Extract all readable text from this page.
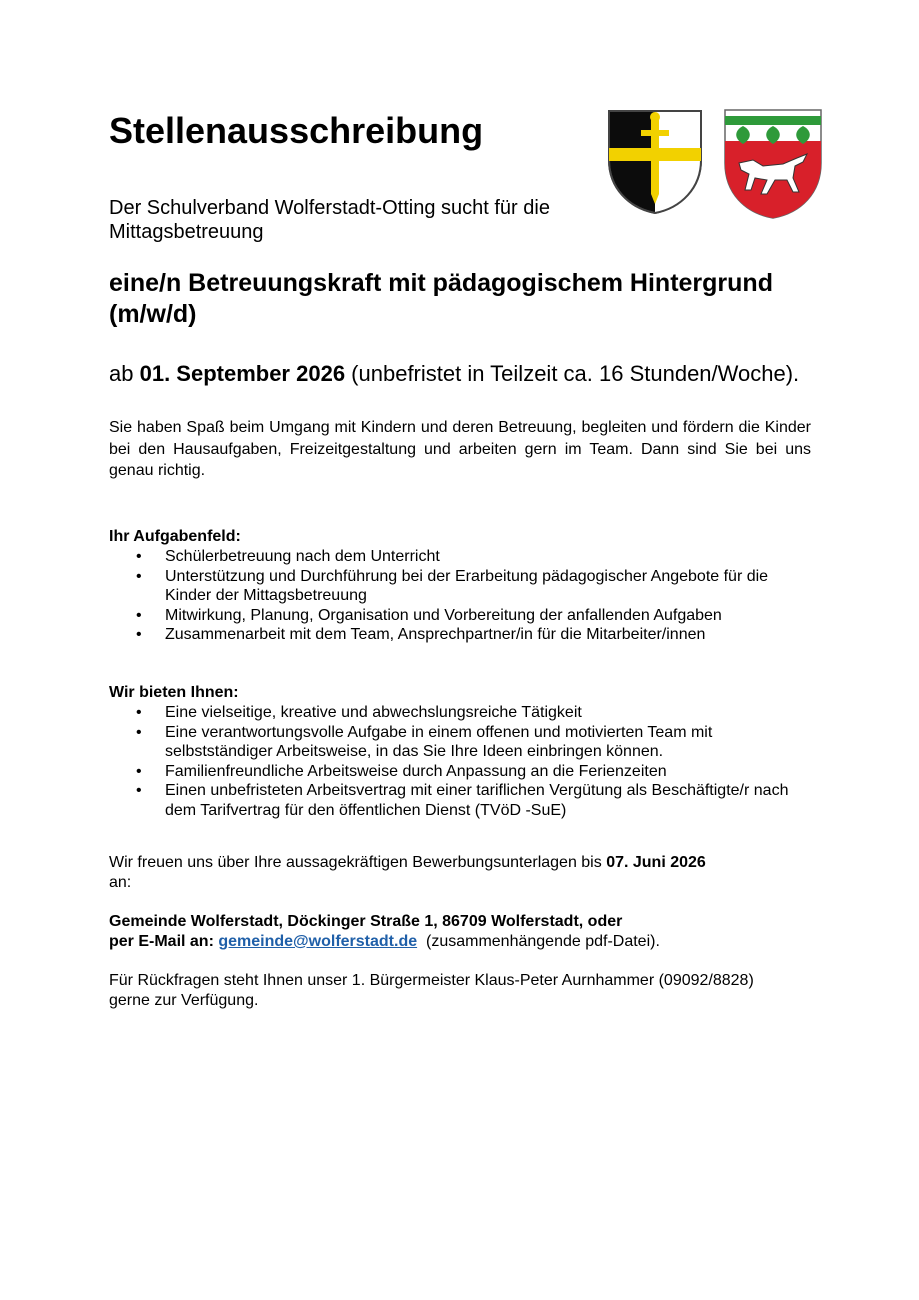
Stellenausschreibung

Der Schulverband Wolferstadt-Otting sucht für die
Mittagsbetreuung

eine/n Betreuungskraft mit pädagogischem Hintergrund
(m/w/d)

ab 01. September 2026 (unbefristet in Teilzeit ca. 16 Stunden/Woche).

Sie haben Spaß beim Umgang mit Kindern und deren Betreuung, begleiten und fördern die Kinder bei den Hausaufgaben, Freizeitgestaltung und arbeiten gern im Team. Dann sind Sie bei uns genau richtig.

Ihr Aufgabenfeld:

• Schülerbetreuung nach dem Unterricht
• Unterstützung und Durchführung bei der Erarbeitung pädagogischer Angebote für die Kinder der Mittagsbetreuung
• Mitwirkung, Planung, Organisation und Vorbereitung der anfallenden Aufgaben
• Zusammenarbeit mit dem Team, Ansprechpartner/in für die Mitarbeiter/innen

Wir bieten Ihnen:

• Eine vielseitige, kreative und abwechslungsreiche Tätigkeit
• Eine verantwortungsvolle Aufgabe in einem offenen und motivierten Team mit selbstständiger Arbeitsweise, in das Sie Ihre Ideen einbringen können.
• Familienfreundliche Arbeitsweise durch Anpassung an die Ferienzeiten
• Einen unbefristeten Arbeitsvertrag mit einer tariflichen Vergütung als Beschäftigte/r nach dem Tarifvertrag für den öffentlichen Dienst (TVöD -SuE)

Wir freuen uns über Ihre aussagekräftigen Bewerbungsunterlagen bis 07. Juni 2026
an:

Gemeinde Wolferstadt, Döckinger Straße 1, 86709 Wolferstadt, oder
per E-Mail an: gemeinde@wolferstadt.de  (zusammenhängende pdf-Datei).

Für Rückfragen steht Ihnen unser 1. Bürgermeister Klaus-Peter Aurnhammer (09092/8828)
gerne zur Verfügung.
